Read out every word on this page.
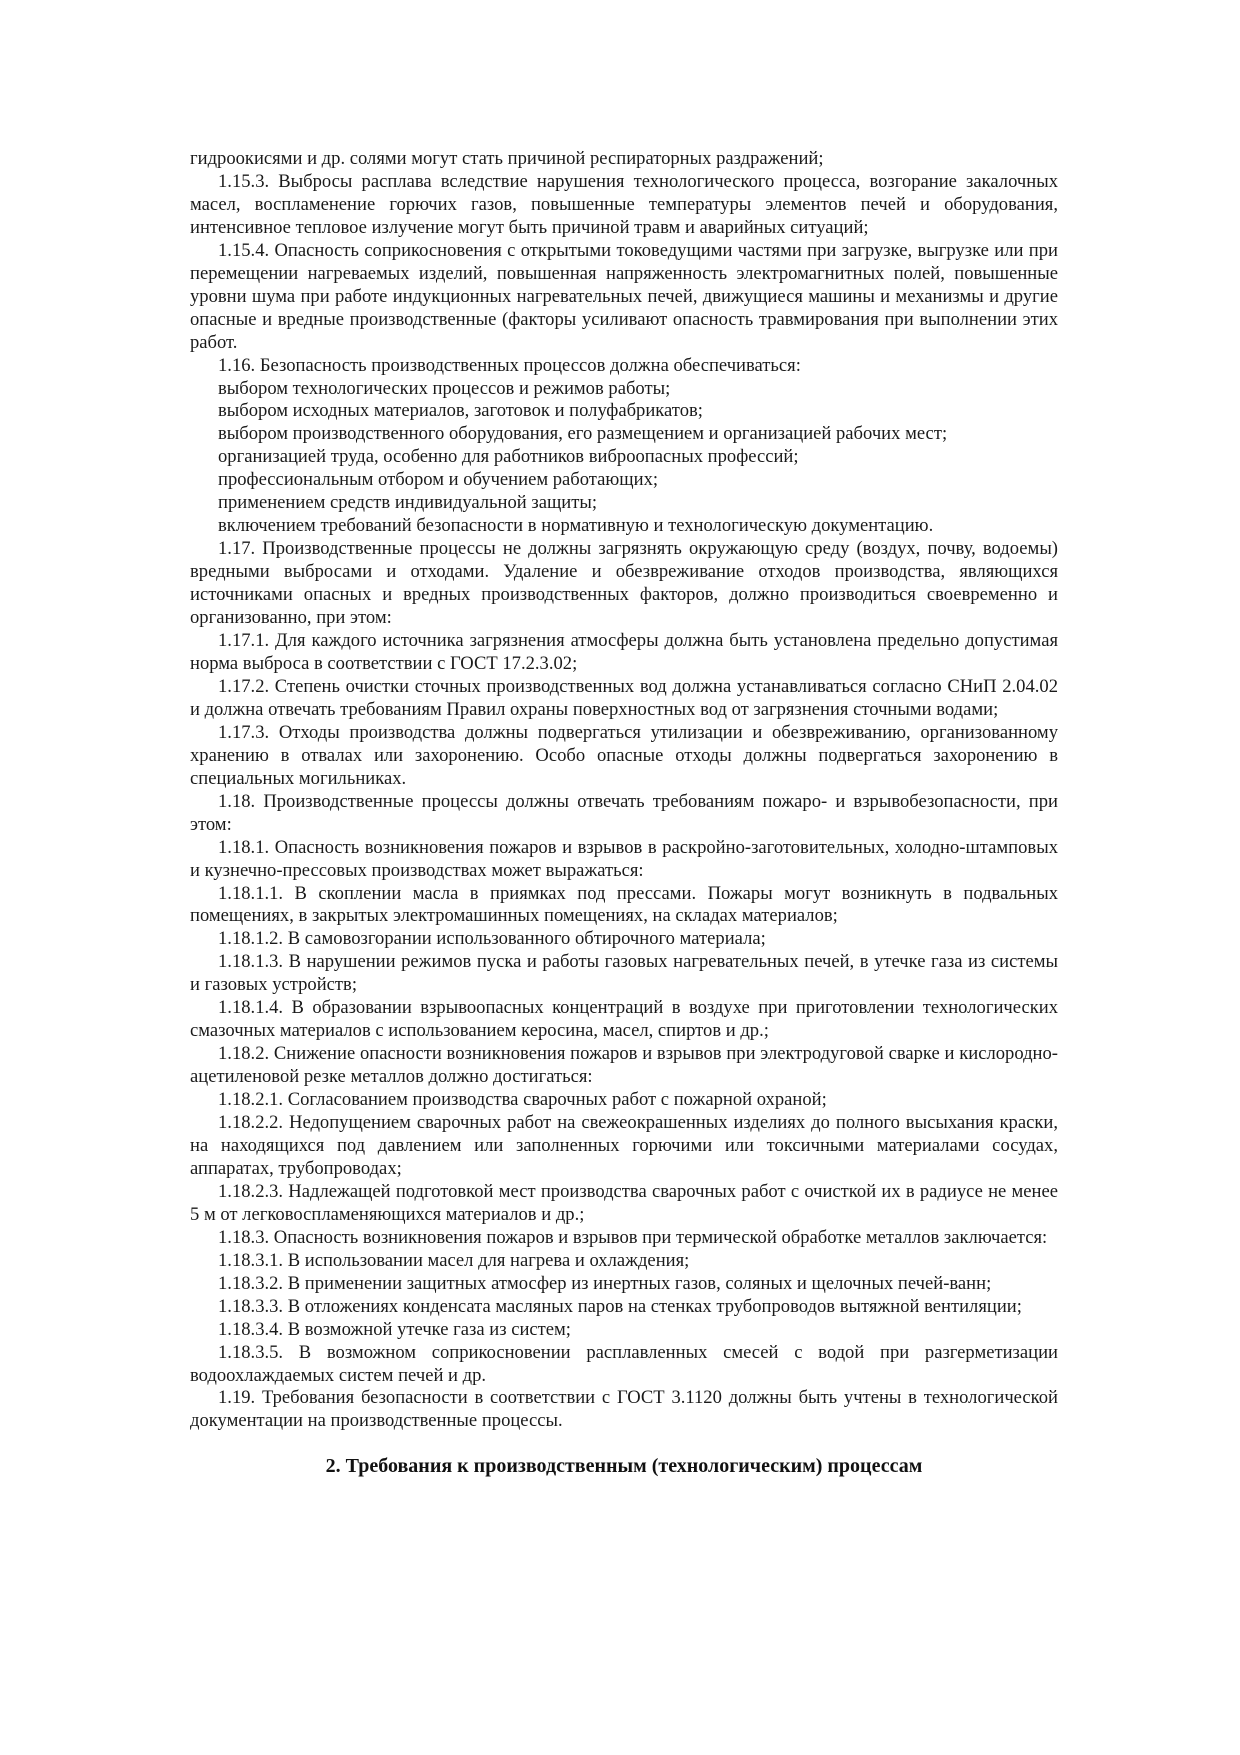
гидроокисями и др. солями могут стать причиной респираторных раздражений;

1.15.3. Выбросы расплава вследствие нарушения технологического процесса, возгорание закалочных масел, воспламенение горючих газов, повышенные температуры элементов печей и оборудования, интенсивное тепловое излучение могут быть причиной травм и аварийных ситуаций;

1.15.4. Опасность соприкосновения с открытыми токоведущими частями при загрузке, выгрузке или при перемещении нагреваемых изделий, повышенная напряженность электромагнитных полей, повышенные уровни шума при работе индукционных нагревательных печей, движущиеся машины и механизмы и другие опасные и вредные производственные (факторы усиливают опасность травмирования при выполнении этих работ.

1.16. Безопасность производственных процессов должна обеспечиваться:

выбором технологических процессов и режимов работы;

выбором исходных материалов, заготовок и полуфабрикатов;

выбором производственного оборудования, его размещением и организацией рабочих мест;

организацией труда, особенно для работников виброопасных профессий;

профессиональным отбором и обучением работающих;

применением средств индивидуальной защиты;

включением требований безопасности в нормативную и технологическую документацию.

1.17. Производственные процессы не должны загрязнять окружающую среду (воздух, почву, водоемы) вредными выбросами и отходами. Удаление и обезвреживание отходов производства, являющихся источниками опасных и вредных производственных факторов, должно производиться своевременно и организованно, при этом:

1.17.1. Для каждого источника загрязнения атмосферы должна быть установлена предельно допустимая норма выброса в соответствии с ГОСТ 17.2.3.02;

1.17.2. Степень очистки сточных производственных вод должна устанавливаться согласно СНиП 2.04.02 и должна отвечать требованиям Правил охраны поверхностных вод от загрязнения сточными водами;

1.17.3. Отходы производства должны подвергаться утилизации и обезвреживанию, организованному хранению в отвалах или захоронению. Особо опасные отходы должны подвергаться захоронению в специальных могильниках.

1.18. Производственные процессы должны отвечать требованиям пожаро- и взрывобезопасности, при этом:

1.18.1. Опасность возникновения пожаров и взрывов в раскройно-заготовительных, холодно-штамповых и кузнечно-прессовых производствах может выражаться:

1.18.1.1. В скоплении масла в приямках под прессами. Пожары могут возникнуть в подвальных помещениях, в закрытых электромашинных помещениях, на складах материалов;

1.18.1.2. В самовозгорании использованного обтирочного материала;

1.18.1.3. В нарушении режимов пуска и работы газовых нагревательных печей, в утечке газа из системы и газовых устройств;

1.18.1.4. В образовании взрывоопасных концентраций в воздухе при приготовлении технологических смазочных материалов с использованием керосина, масел, спиртов и др.;

1.18.2. Снижение опасности возникновения пожаров и взрывов при электродуговой сварке и кислородно-ацетиленовой резке металлов должно достигаться:

1.18.2.1. Согласованием производства сварочных работ с пожарной охраной;

1.18.2.2. Недопущением сварочных работ на свежеокрашенных изделиях до полного высыхания краски, на находящихся под давлением или заполненных горючими или токсичными материалами сосудах, аппаратах, трубопроводах;

1.18.2.3. Надлежащей подготовкой мест производства сварочных работ с очисткой их в радиусе не менее 5 м от легковоспламеняющихся материалов и др.;

1.18.3. Опасность возникновения пожаров и взрывов при термической обработке металлов заключается:

1.18.3.1. В использовании масел для нагрева и охлаждения;

1.18.3.2. В применении защитных атмосфер из инертных газов, соляных и щелочных печей-ванн;

1.18.3.3. В отложениях конденсата масляных паров на стенках трубопроводов вытяжной вентиляции;

1.18.3.4. В возможной утечке газа из систем;

1.18.3.5. В возможном соприкосновении расплавленных смесей с водой при разгерметизации водоохлаждаемых систем печей и др.

1.19. Требования безопасности в соответствии с ГОСТ 3.1120 должны быть учтены в технологической документации на производственные процессы.

2. Требования к производственным (технологическим) процессам
